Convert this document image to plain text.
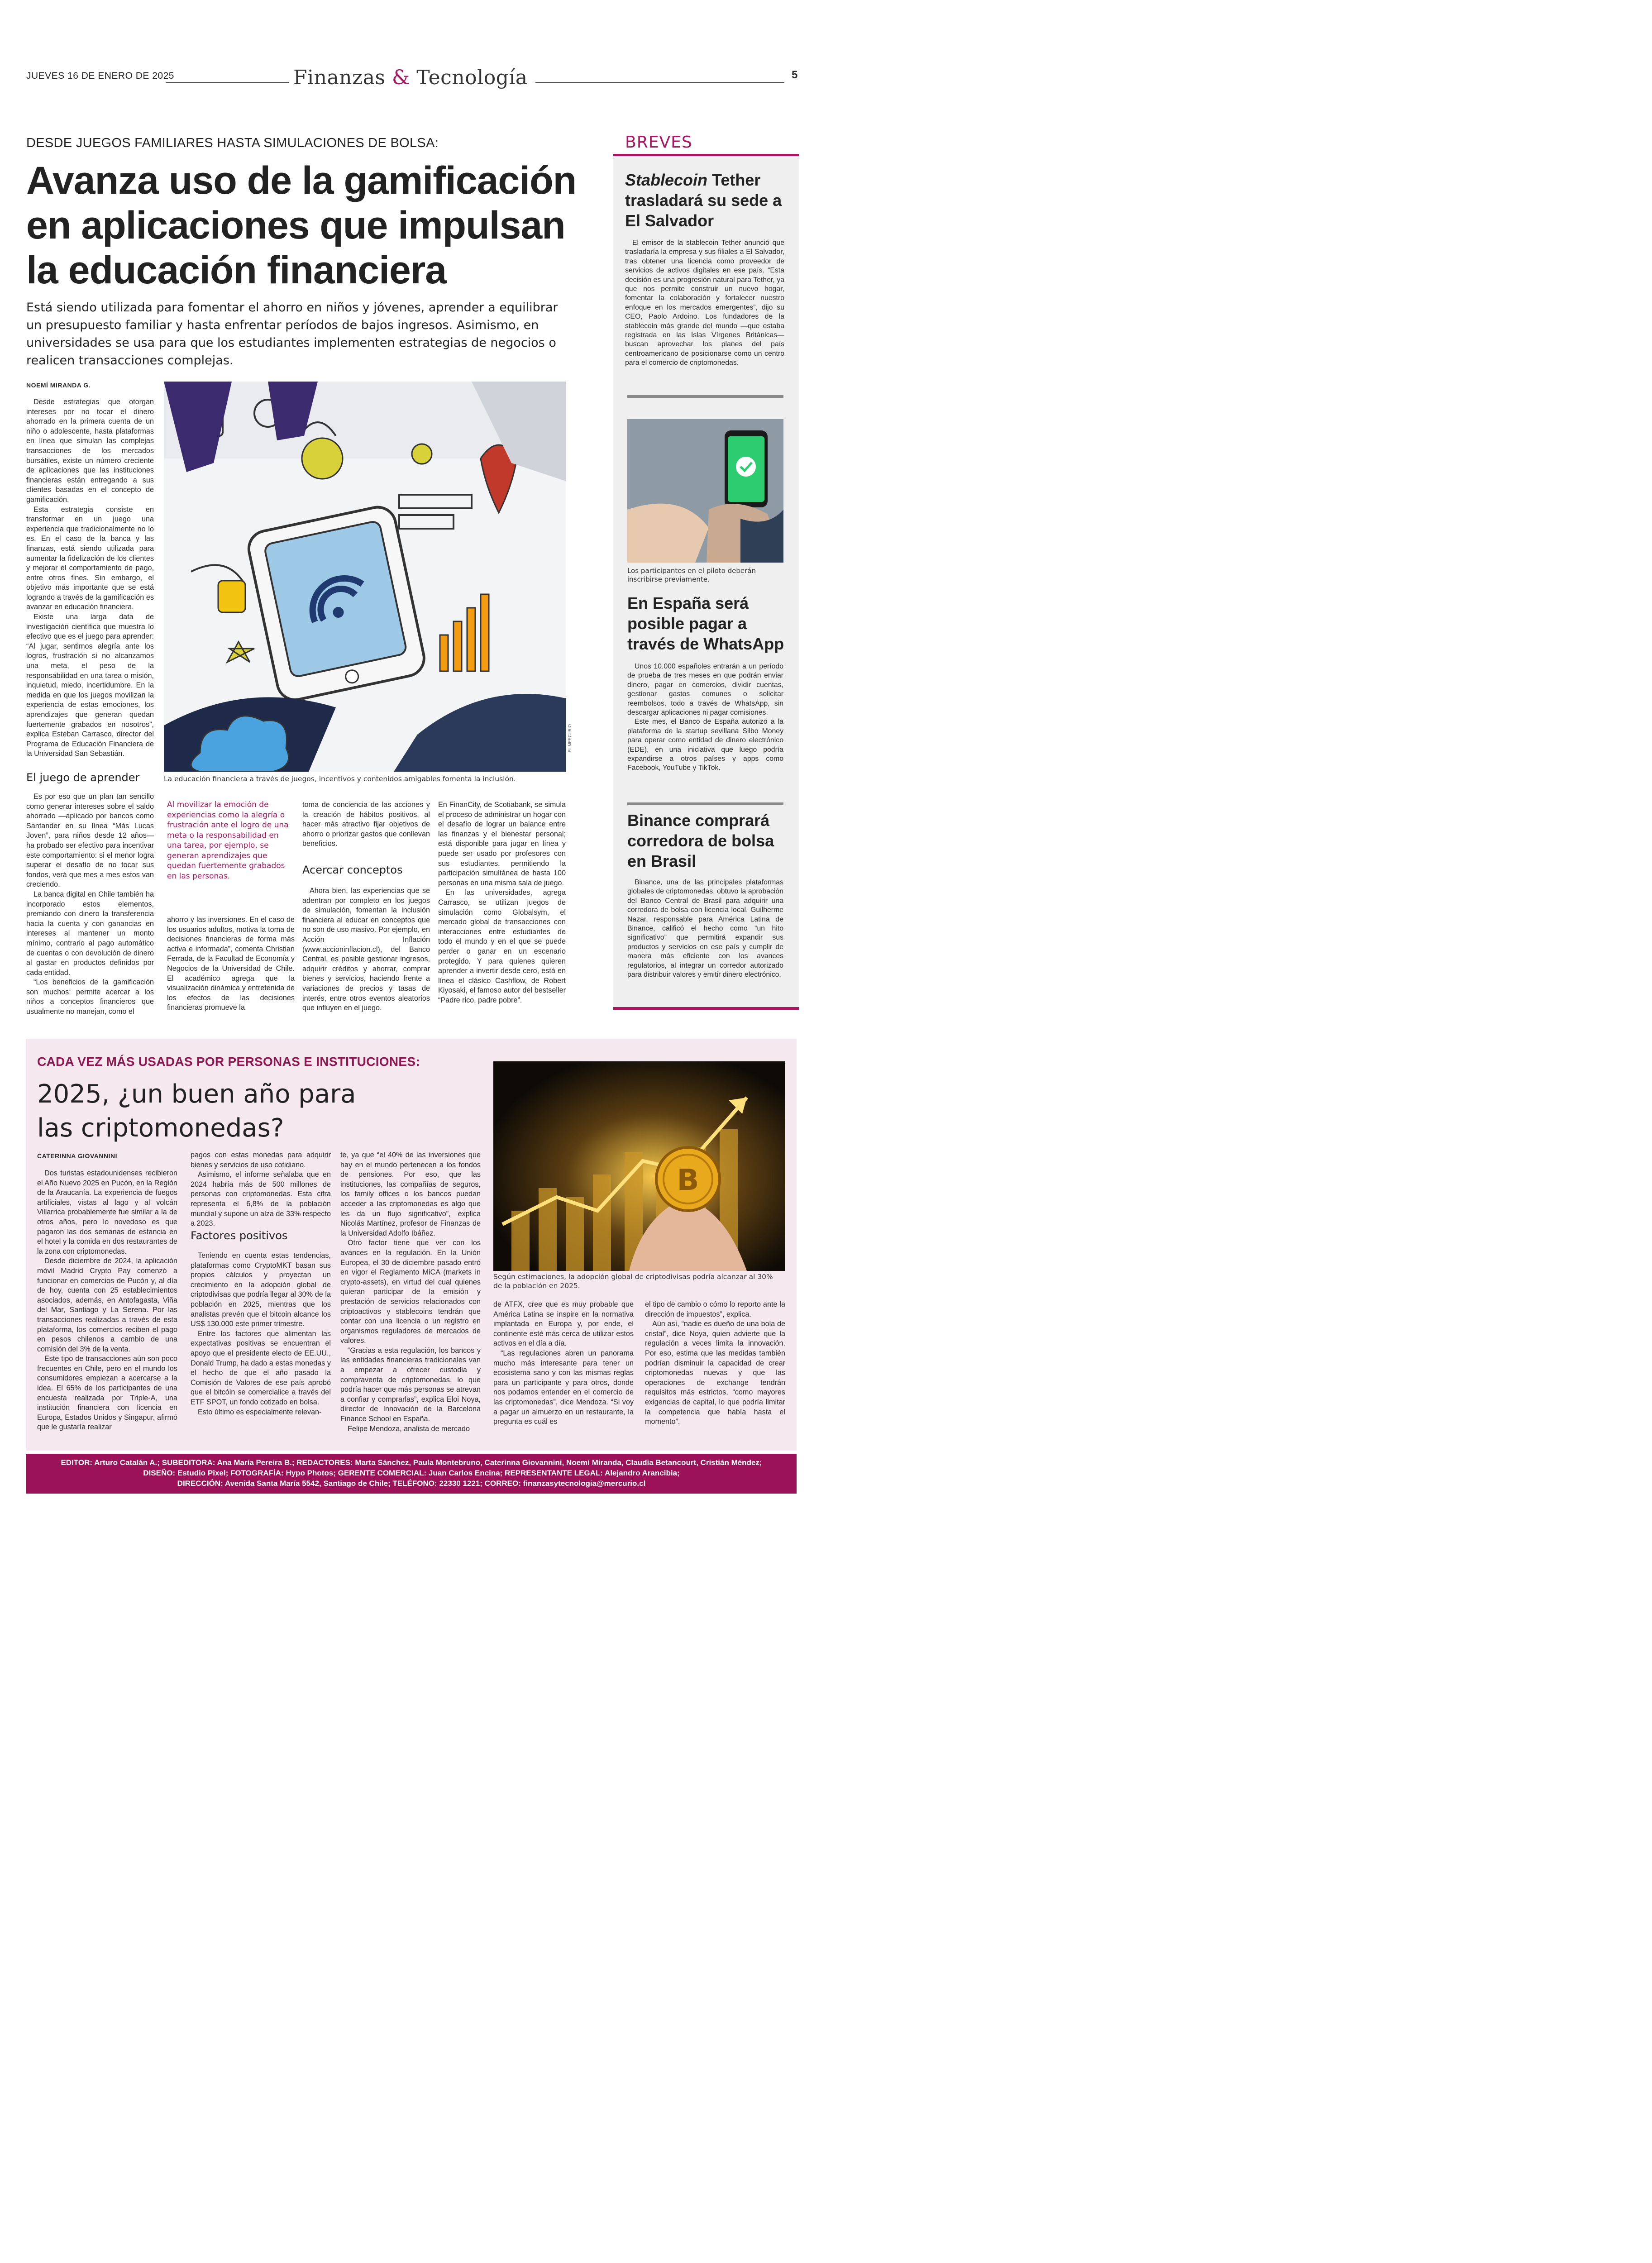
JUEVES 16 DE ENERO DE 2025	Finanzas & Tecnología	5
DESDE JUEGOS FAMILIARES HASTA SIMULACIONES DE BOLSA:
Avanza uso de la gamificación en aplicaciones que impulsan la educación financiera
Está siendo utilizada para fomentar el ahorro en niños y jóvenes, aprender a equilibrar un presupuesto familiar y hasta enfrentar períodos de bajos ingresos. Asimismo, en universidades se usa para que los estudiantes implementen estrategias de negocios o realicen transacciones complejas.
NOEMÍ MIRANDA G.

Desde estrategias que otorgan intereses por no tocar el dinero ahorrado en la primera cuenta de un niño o adolescente, hasta plataformas en línea que simulan las complejas transacciones de los mercados bursátiles, existe un número creciente de aplicaciones que las instituciones financieras están entregando a sus clientes basadas en el concepto de gamificación.

Esta estrategia consiste en transformar en un juego una experiencia que tradicionalmente no lo es. En el caso de la banca y las finanzas, está siendo utilizada para aumentar la fidelización de los clientes y mejorar el comportamiento de pago, entre otros fines. Sin embargo, el objetivo más importante que se está logrando a través de la gamificación es avanzar en educación financiera.

Existe una larga data de investigación científica que muestra lo efectivo que es el juego para aprender: “Al jugar, sentimos alegría ante los logros, frustración si no alcanzamos una meta, el peso de la responsabilidad en una tarea o misión, inquietud, miedo, incertidumbre. En la medida en que los juegos movilizan la experiencia de estas emociones, los aprendizajes que generan quedan fuertemente grabados en nosotros”, explica Esteban Carrasco, director del Programa de Educación Financiera de la Universidad San Sebastián.

EL MERCURIO
La educación financiera a través de juegos, incentivos y contenidos amigables fomenta la inclusión.
El juego de aprender

Es por eso que un plan tan sencillo como generar intereses sobre el saldo ahorrado —aplicado por bancos como Santander en su línea “Más Lucas Joven”, para niños desde 12 años— ha probado ser efectivo para incentivar este comportamiento: si el menor logra superar el desafío de no tocar sus fondos, verá que mes a mes estos van creciendo.

La banca digital en Chile también ha incorporado estos elementos, premiando con dinero la transferencia hacia la cuenta y con ganancias en intereses al mantener un monto mínimo, contrario al pago automático de cuentas o con devolución de dinero al gastar en productos definidos por cada entidad.

“Los beneficios de la gamificación son muchos: permite acercar a los niños a conceptos financieros que usualmente no manejan, como el

Al movilizar la emoción de experiencias como la alegría o frustración ante el logro de una meta o la responsabilidad en una tarea, por ejemplo, se generan aprendizajes que quedan fuertemente grabados en las personas.

ahorro y las inversiones. En el caso de los usuarios adultos, motiva la toma de decisiones financieras de forma más activa e informada”, comenta Christian Ferrada, de la Facultad de Economía y Negocios de la Universidad de Chile. El académico agrega que la visualización dinámica y entretenida de los efectos de las decisiones financieras promueve la

toma de conciencia de las acciones y la creación de hábitos positivos, al hacer más atractivo fijar objetivos de ahorro o priorizar gastos que conllevan beneficios.

Acercar conceptos

Ahora bien, las experiencias que se adentran por completo en los juegos de simulación, fomentan la inclusión financiera al educar en conceptos que no son de uso masivo. Por ejemplo, en Acción Inflación (www.accioninflacion.cl), del Banco Central, es posible gestionar ingresos, adquirir créditos y ahorrar, comprar bienes y servicios, haciendo frente a variaciones de precios y tasas de interés, entre otros eventos aleatorios que influyen en el juego.

En FinanCity, de Scotiabank, se simula el proceso de administrar un hogar con el desafío de lograr un balance entre las finanzas y el bienestar personal; está disponible para jugar en línea y puede ser usado por profesores con sus estudiantes, permitiendo la participación simultánea de hasta 100 personas en una misma sala de juego.

En las universidades, agrega Carrasco, se utilizan juegos de simulación como Globalsym, el mercado global de transacciones con interacciones entre estudiantes de todo el mundo y en el que se puede perder o ganar en un escenario protegido. Y para quienes quieren aprender a invertir desde cero, está en línea el clásico Cashflow, de Robert Kiyosaki, el famoso autor del bestseller “Padre rico, padre pobre”.

BREVES
Stablecoin Tether trasladará su sede a El Salvador

El emisor de la stablecoin Tether anunció que trasladaría la empresa y sus filiales a El Salvador, tras obtener una licencia como proveedor de servicios de activos digitales en ese país. “Esta decisión es una progresión natural para Tether, ya que nos permite construir un nuevo hogar, fomentar la colaboración y fortalecer nuestro enfoque en los mercados emergentes”, dijo su CEO, Paolo Ardoino. Los fundadores de la stablecoin más grande del mundo —que estaba registrada en las Islas Vírgenes Británicas— buscan aprovechar los planes del país centroamericano de posicionarse como un centro para el comercio de criptomonedas.

Los participantes en el piloto deberán inscribirse previamente.
En España será posible pagar a través de WhatsApp

Unos 10.000 españoles entrarán a un período de prueba de tres meses en que podrán enviar dinero, pagar en comercios, dividir cuentas, gestionar gastos comunes o solicitar reembolsos, todo a través de WhatsApp, sin descargar aplicaciones ni pagar comisiones.

Este mes, el Banco de España autorizó a la plataforma de la startup sevillana Silbo Money para operar como entidad de dinero electrónico (EDE), en una iniciativa que luego podría expandirse a otros países y apps como Facebook, YouTube y TikTok.

Binance comprará corredora de bolsa en Brasil

Binance, una de las principales plataformas globales de criptomonedas, obtuvo la aprobación del Banco Central de Brasil para adquirir una corredora de bolsa con licencia local. Guilherme Nazar, responsable para América Latina de Binance, calificó el hecho como “un hito significativo” que permitirá expandir sus productos y servicios en ese país y cumplir de manera más eficiente con los avances regulatorios, al integrar un corredor autorizado para distribuir valores y emitir dinero electrónico.

CADA VEZ MÁS USADAS POR PERSONAS E INSTITUCIONES:
2025, ¿un buen año para
las criptomonedas?
CATERINNA GIOVANNINI

Dos turistas estadounidenses recibieron el Año Nuevo 2025 en Pucón, en la Región de la Araucanía. La experiencia de fuegos artificiales, vistas al lago y al volcán Villarrica probablemente fue similar a la de otros años, pero lo novedoso es que pagaron las dos semanas de estancia en el hotel y la comida en dos restaurantes de la zona con criptomonedas.

Desde diciembre de 2024, la aplicación móvil Madrid Crypto Pay comenzó a funcionar en comercios de Pucón y, al día de hoy, cuenta con 25 establecimientos asociados, además, en Antofagasta, Viña del Mar, Santiago y La Serena. Por las transacciones realizadas a través de esta plataforma, los comercios reciben el pago en pesos chilenos a cambio de una comisión del 3% de la venta.

Este tipo de transacciones aún son poco frecuentes en Chile, pero en el mundo los consumidores empiezan a acercarse a la idea. El 65% de los participantes de una encuesta realizada por Triple-A, una institución financiera con licencia en Europa, Estados Unidos y Singapur, afirmó que le gustaría realizar

pagos con estas monedas para adquirir bienes y servicios de uso cotidiano.

Asimismo, el informe señalaba que en 2024 habría más de 500 millones de personas con criptomonedas. Esta cifra representa el 6,8% de la población mundial y supone un alza de 33% respecto a 2023.

Factores positivos

Teniendo en cuenta estas tendencias, plataformas como CryptoMKT basan sus propios cálculos y proyectan un crecimiento en la adopción global de criptodivisas que podría llegar al 30% de la población en 2025, mientras que los analistas prevén que el bitcoin alcance los US$ 130.000 este primer trimestre.

Entre los factores que alimentan las expectativas positivas se encuentran el apoyo que el presidente electo de EE.UU., Donald Trump, ha dado a estas monedas y el hecho de que el año pasado la Comisión de Valores de ese país aprobó que el bitcóin se comercialice a través del ETF SPOT, un fondo cotizado en bolsa.

Esto último es especialmente relevan-

te, ya que “el 40% de las inversiones que hay en el mundo pertenecen a los fondos de pensiones. Por eso, que las instituciones, las compañías de seguros, los family offices o los bancos puedan acceder a las criptomonedas es algo que les da un flujo significativo”, explica Nicolás Martínez, profesor de Finanzas de la Universidad Adolfo Ibáñez.

Otro factor tiene que ver con los avances en la regulación. En la Unión Europea, el 30 de diciembre pasado entró en vigor el Reglamento MiCA (markets in crypto-assets), en virtud del cual quienes quieran participar de la emisión y prestación de servicios relacionados con criptoactivos y stablecoins tendrán que contar con una licencia o un registro en organismos reguladores de mercados de valores.

“Gracias a esta regulación, los bancos y las entidades financieras tradicionales van a empezar a ofrecer custodia y compraventa de criptomonedas, lo que podría hacer que más personas se atrevan a confiar y comprarlas”, explica Eloi Noya, director de Innovación de la Barcelona Finance School en España.

Felipe Mendoza, analista de mercado

B
Según estimaciones, la adopción global de criptodivisas podría alcanzar al 30% de la población en 2025.

de ATFX, cree que es muy probable que América Latina se inspire en la normativa implantada en Europa y, por ende, el continente esté más cerca de utilizar estos activos en el día a día.

“Las regulaciones abren un panorama mucho más interesante para tener un ecosistema sano y con las mismas reglas para un participante y para otros, donde nos podamos entender en el comercio de las criptomonedas”, dice Mendoza. “Si voy a pagar un almuerzo en un restaurante, la pregunta es cuál es

el tipo de cambio o cómo lo reporto ante la dirección de impuestos”, explica.

Aún así, “nadie es dueño de una bola de cristal”, dice Noya, quien advierte que la regulación a veces limita la innovación. Por eso, estima que las medidas también podrían disminuir la capacidad de crear criptomonedas nuevas y que las operaciones de exchange tendrán requisitos más estrictos, “como mayores exigencias de capital, lo que podría limitar la competencia que había hasta el momento”.

EDITOR: Arturo Catalán A.; SUBEDITORA: Ana María Pereira B.; REDACTORES: Marta Sánchez, Paula Montebruno, Caterinna Giovannini, Noemí Miranda, Claudia Betancourt, Cristián Méndez;
DISEÑO: Estudio Pixel; FOTOGRAFÍA: Hypo Photos; GERENTE COMERCIAL: Juan Carlos Encina; REPRESENTANTE LEGAL: Alejandro Arancibia;
DIRECCIÓN: Avenida Santa María 5542, Santiago de Chile; TELÉFONO: 22330 1221; CORREO: finanzasytecnologia@mercurio.cl
